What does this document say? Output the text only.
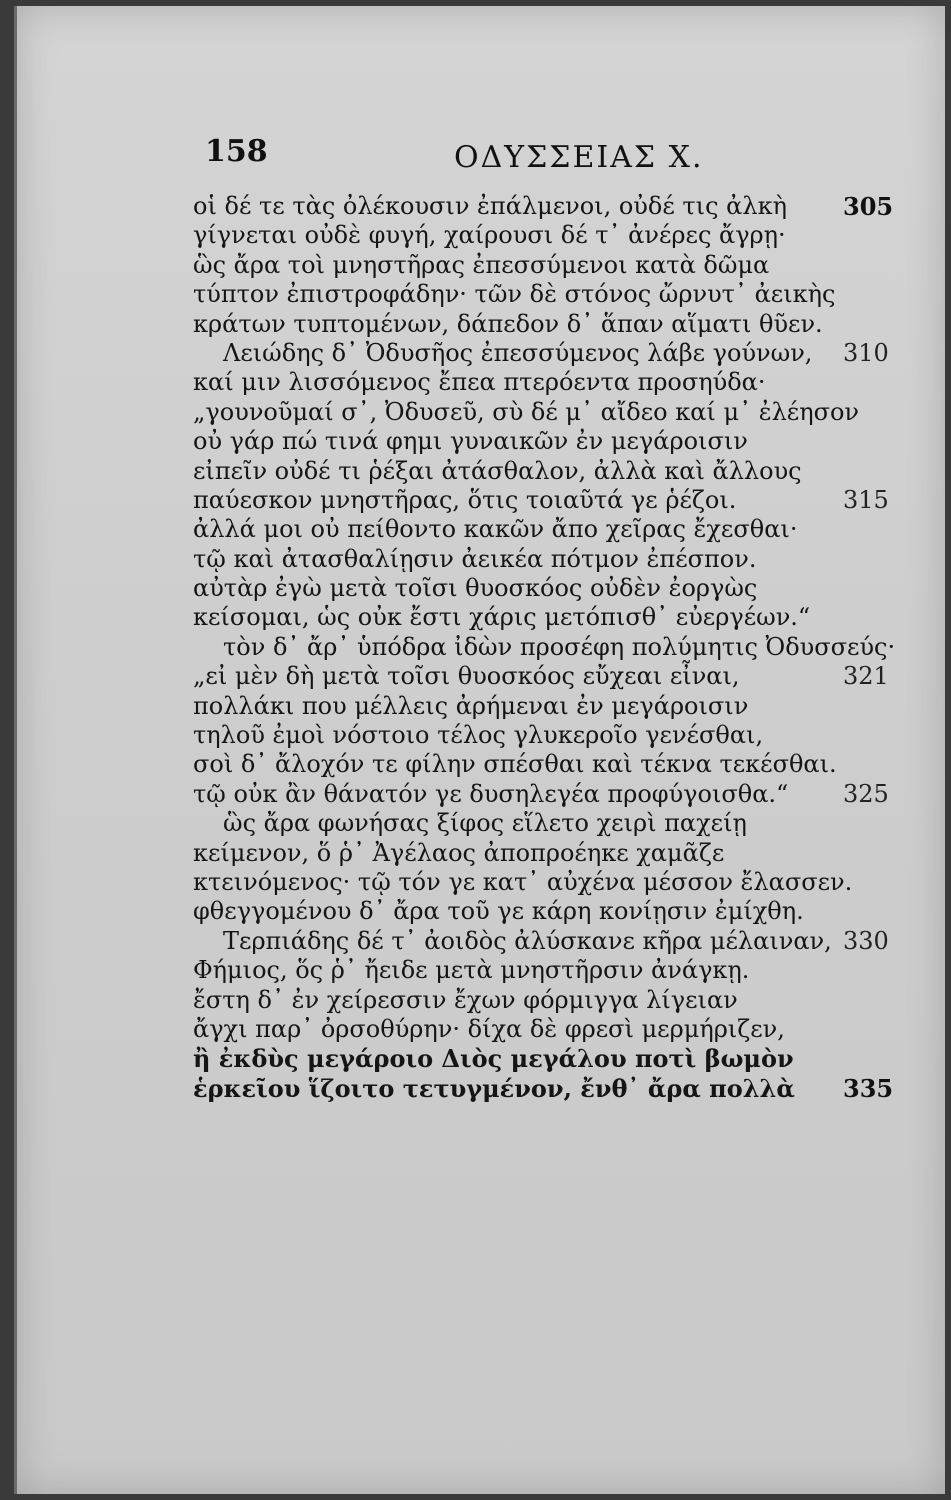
158	ΟΔΥΣΣΕΙΑΣ Χ.
οἱ δέ τε τὰς ὀλέκουσιν ἐπάλμενοι, οὐδέ τις ἀλκὴ 305
γίγνεται οὐδὲ φυγή, χαίρουσι δέ τ᾽ ἀνέρες ἄγρῃ·
ὣς ἄρα τοὶ μνηστῆρας ἐπεσσύμενοι κατὰ δῶμα
τύπτον ἐπιστροφάδην· τῶν δὲ στόνος ὤρνυτ᾽ ἀεικὴς
κράτων τυπτομένων, δάπεδον δ᾽ ἅπαν αἵματι θῦεν.
Λειώδης δ᾽ Ὀδυσῆος ἐπεσσύμενος λάβε γούνων, 310
καί μιν λισσόμενος ἔπεα πτερόεντα προσηύδα·
„γουνοῦμαί σ᾽, Ὀδυσεῦ, σὺ δέ μ᾽ αἴδεο καί μ᾽ ἐλέησον
οὐ γάρ πώ τινά φημι γυναικῶν ἐν μεγάροισιν
εἰπεῖν οὐδέ τι ῥέξαι ἀτάσθαλον, ἀλλὰ καὶ ἄλλους
παύεσκον μνηστῆρας, ὅτις τοιαῦτά γε ῥέζοι.	315
ἀλλά μοι οὐ πείθοντο κακῶν ἄπο χεῖρας ἔχεσθαι·
τῷ καὶ ἀτασθαλίῃσιν ἀεικέα πότμον ἐπέσπον.
αὐτὰρ ἐγὼ μετὰ τοῖσι θυοσκόος οὐδὲν ἐοργὼς
κείσομαι, ὡς οὐκ ἔστι χάρις μετόπισθ᾽ εὐεργέων.“
τὸν δ᾽ ἄρ᾽ ὑπόδρα ἰδὼν προσέφη πολύμητις Ὀδυσσεύς·
„εἰ μὲν δὴ μετὰ τοῖσι θυοσκόος εὔχεαι εἶναι,	321
πολλάκι που μέλλεις ἀρήμεναι ἐν μεγάροισιν
τηλοῦ ἐμοὶ νόστοιο τέλος γλυκεροῖο γενέσθαι,
σοὶ δ᾽ ἄλοχόν τε φίλην σπέσθαι καὶ τέκνα τεκέσθαι.
τῷ οὐκ ἂν θάνατόν γε δυσηλεγέα προφύγοισθα.“ 325
ὣς ἄρα φωνήσας ξίφος εἵλετο χειρὶ παχείῃ
κείμενον, ὅ ῥ᾽ Ἀγέλαος ἀποπροέηκε χαμᾶζε
κτεινόμενος· τῷ τόν γε κατ᾽ αὐχένα μέσσον ἔλασσεν.
φθεγγομένου δ᾽ ἄρα τοῦ γε κάρη κονίῃσιν ἐμίχθη.
Τερπιάδης δέ τ᾽ ἀοιδὸς ἀλύσκανε κῆρα μέλαιναν, 330
Φήμιος, ὅς ῥ᾽ ἤειδε μετὰ μνηστῆρσιν ἀνάγκῃ.
ἔστη δ᾽ ἐν χείρεσσιν ἔχων φόρμιγγα λίγειαν
ἄγχι παρ᾽ ὀρσοθύρην· δίχα δὲ φρεσὶ μερμήριζεν,
ἢ ἐκδὺς μεγάροιο Διὸς μεγάλου ποτὶ βωμὸν
ἑρκεῖου ἵζοιτο τετυγμένον, ἔνθ᾽ ἄρα πολλὰ 335
